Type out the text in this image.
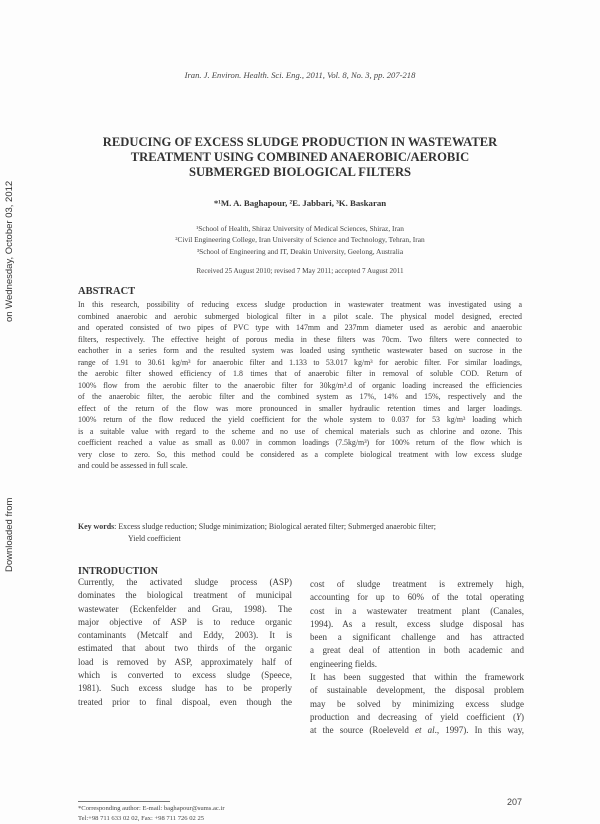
on Wednesday, October 03, 2012
Downloaded from
Iran. J. Environ. Health. Sci. Eng., 2011, Vol. 8, No. 3, pp. 207-218
REDUCING OF EXCESS SLUDGE PRODUCTION IN WASTEWATER
TREATMENT USING COMBINED ANAEROBIC/AEROBIC
SUBMERGED BIOLOGICAL FILTERS
*¹M. A. Baghapour, ²E. Jabbari, ³K. Baskaran
¹School of Health, Shiraz University of Medical Sciences, Shiraz, Iran
²Civil Engineering College, Iran University of Science and Technology, Tehran, Iran
³School of Engineering and IT, Deakin University, Geelong, Australia
Received 25 August 2010; revised 7 May 2011; accepted 7 August 2011
ABSTRACT
In this research, possibility of reducing excess sludge production in wastewater treatment was investigated using a
combined anaerobic and aerobic submerged biological filter in a pilot scale. The physical model designed, erected
and operated consisted of two pipes of PVC type with 147mm and 237mm diameter used as aerobic and anaerobic
filters, respectively. The effective height of porous media in these filters was 70cm. Two filters were connected to
eachother in a series form and the resulted system was loaded using synthetic wastewater based on sucrose in the
range of 1.91 to 30.61 kg/m³ for anaerobic filter and 1.133 to 53.017 kg/m³ for aerobic filter. For similar loadings,
the aerobic filter showed efficiency of 1.8 times that of anaerobic filter in removal of soluble COD. Return of
100% flow from the aerobic filter to the anaerobic filter for 30kg/m³.d of organic loading increased the efficiencies
of the anaerobic filter, the aerobic filter and the combined system as 17%, 14% and 15%, respectively and the
effect of the return of the flow was more pronounced in smaller hydraulic retention times and larger loadings.
100% return of the flow reduced the yield coefficient for the whole system to 0.037 for 53 kg/m³ loading which
is a suitable value with regard to the scheme and no use of chemical materials such as chlorine and ozone. This
coefficient reached a value as small as 0.007 in common loadings (7.5kg/m³) for 100% return of the flow which is
very close to zero. So, this method could be considered as a complete biological treatment with low excess sludge
and could be assessed in full scale.
Key words: Excess sludge reduction; Sludge minimization; Biological aerated filter; Submerged anaerobic filter;
Yield coefficient
INTRODUCTION
Currently, the activated sludge process (ASP)
dominates the biological treatment of municipal
wastewater (Eckenfelder and Grau, 1998). The
major objective of ASP is to reduce organic
contaminants (Metcalf and Eddy, 2003). It is
estimated that about two thirds of the organic
load is removed by ASP, approximately half of
which is converted to excess sludge (Speece,
1981). Such excess sludge has to be properly
treated prior to final dispoal, even though the
cost of sludge treatment is extremely high,
accounting for up to 60% of the total operating
cost in a wastewater treatment plant (Canales,
1994). As a result, excess sludge disposal has
been a significant challenge and has attracted
a great deal of attention in both academic and
engineering fields.
It has been suggested that within the framework
of sustainable development, the disposal problem
may be solved by minimizing excess sludge
production and decreasing of yield coefficient (Y)
at the source (Roeleveld et al., 1997). In this way,
*Corresponding author: E-mail: baghapour@sums.ac.ir
Tel:+98 711 633 02 02, Fax: +98 711 726 02 25
207
